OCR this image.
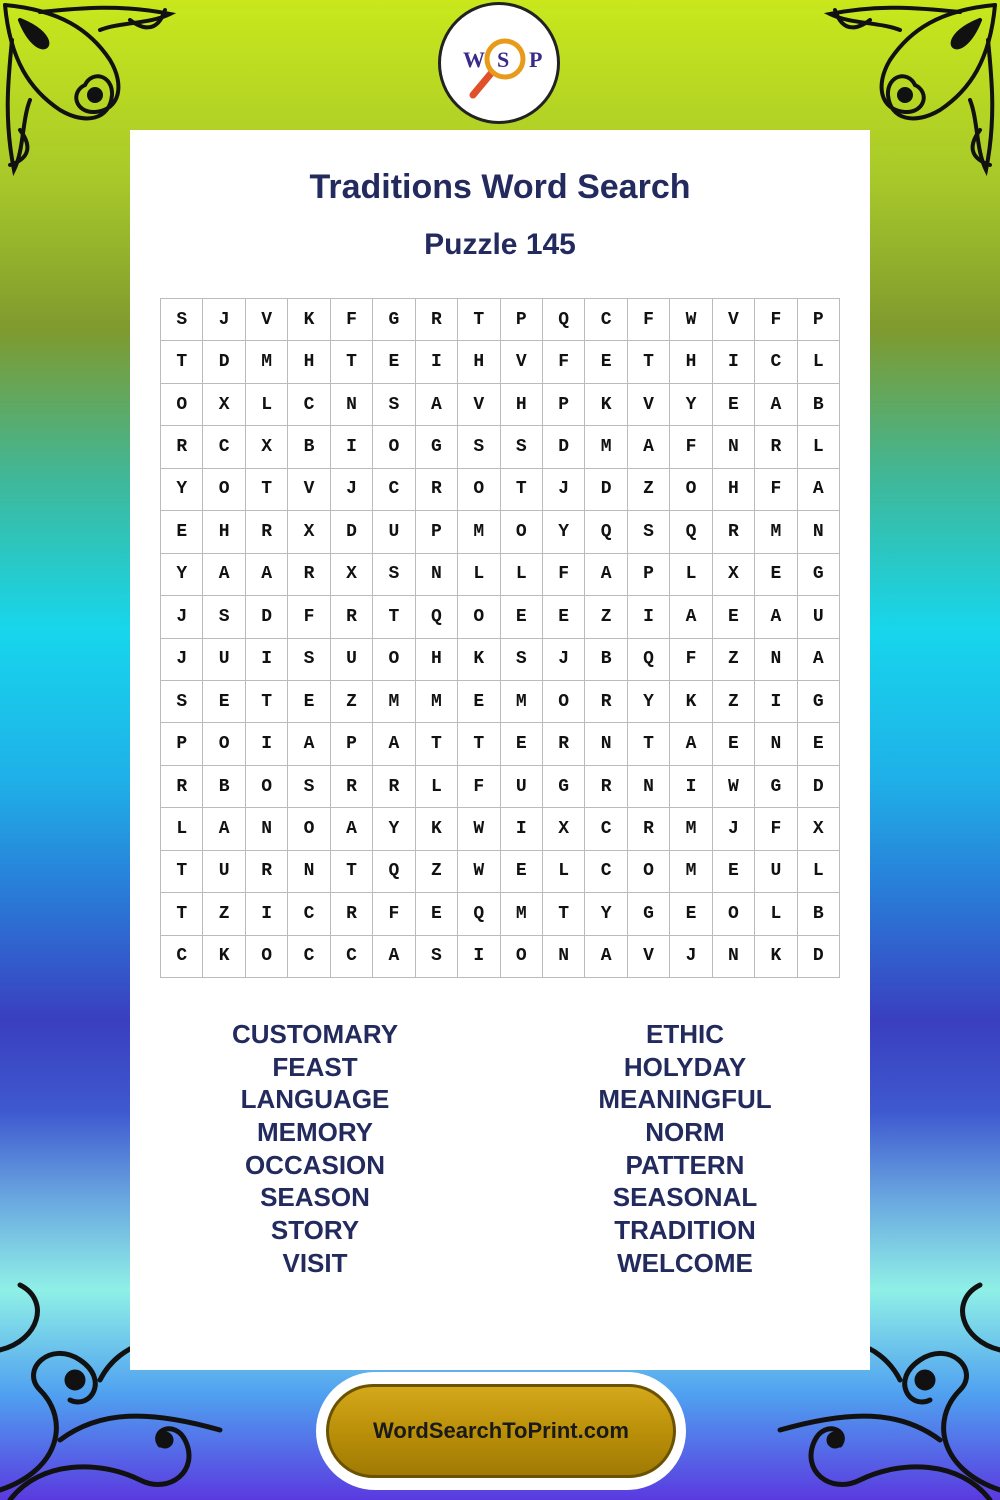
W S P
Traditions Word Search
Puzzle 145
S	J	V	K	F	G	R	T	P	Q	C	F	W	V	F	P
T	D	M	H	T	E	I	H	V	F	E	T	H	I	C	L
O	X	L	C	N	S	A	V	H	P	K	V	Y	E	A	B
R	C	X	B	I	O	G	S	S	D	M	A	F	N	R	L
Y	O	T	V	J	C	R	O	T	J	D	Z	O	H	F	A
E	H	R	X	D	U	P	M	O	Y	Q	S	Q	R	M	N
Y	A	A	R	X	S	N	L	L	F	A	P	L	X	E	G
J	S	D	F	R	T	Q	O	E	E	Z	I	A	E	A	U
J	U	I	S	U	O	H	K	S	J	B	Q	F	Z	N	A
S	E	T	E	Z	M	M	E	M	O	R	Y	K	Z	I	G
P	O	I	A	P	A	T	T	E	R	N	T	A	E	N	E
R	B	O	S	R	R	L	F	U	G	R	N	I	W	G	D
L	A	N	O	A	Y	K	W	I	X	C	R	M	J	F	X
T	U	R	N	T	Q	Z	W	E	L	C	O	M	E	U	L
T	Z	I	C	R	F	E	Q	M	T	Y	G	E	O	L	B
C	K	O	C	C	A	S	I	O	N	A	V	J	N	K	D
CUSTOMARY
FEAST
LANGUAGE
MEMORY
OCCASION
SEASON
STORY
VISIT
ETHIC
HOLYDAY
MEANINGFUL
NORM
PATTERN
SEASONAL
TRADITION
WELCOME
WordSearchToPrint.com
